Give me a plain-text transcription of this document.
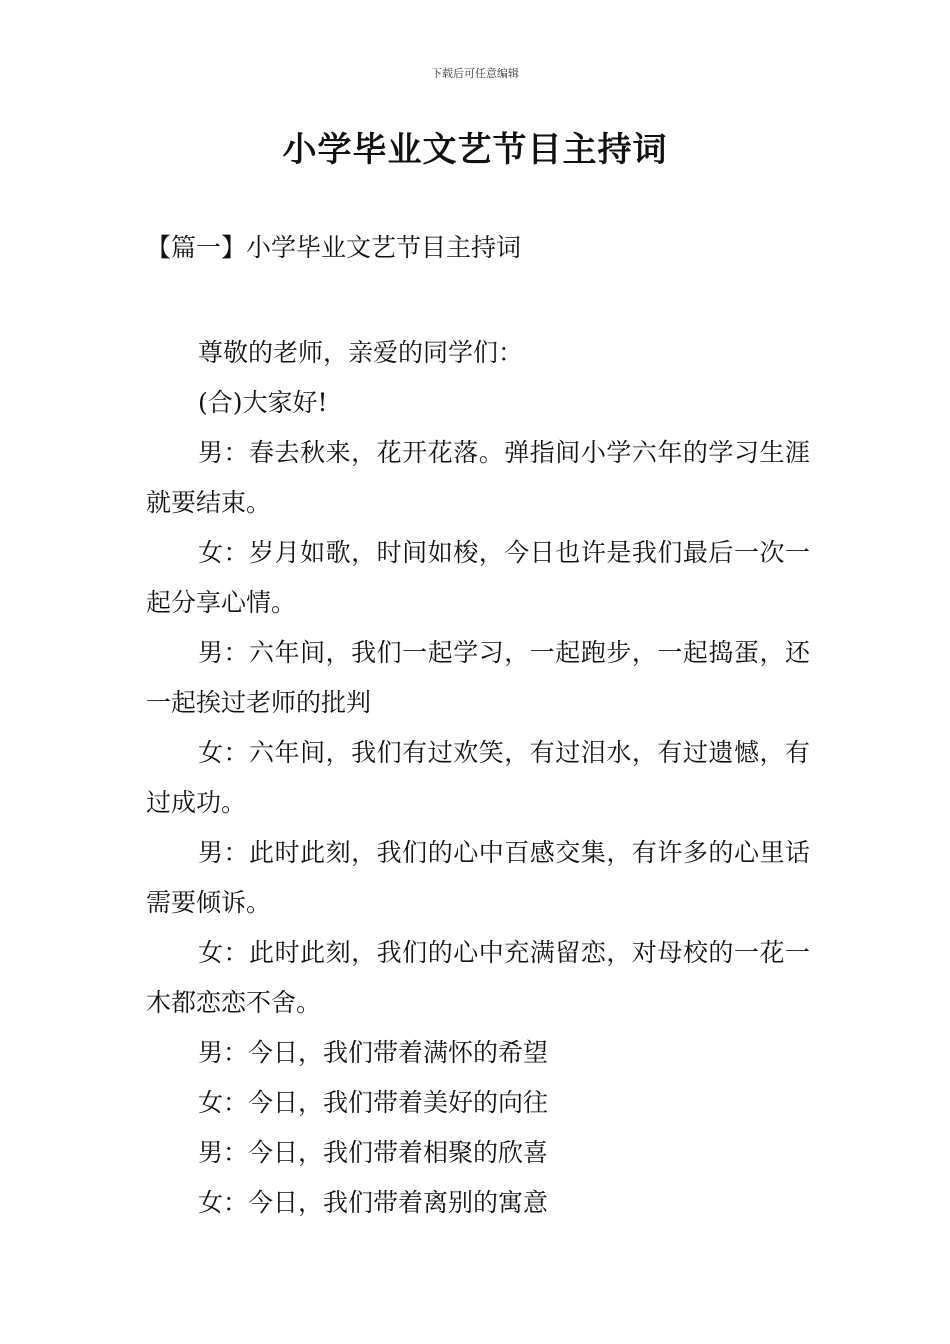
下载后可任意编辑
小学毕业文艺节目主持词
【篇一】小学毕业文艺节目主持词

尊敬的老师，亲爱的同学们：

(合)大家好!

男：春去秋来，花开花落。弹指间小学六年的学习生涯就要结束。

女：岁月如歌，时间如梭，今日也许是我们最后一次一起分享心情。

男：六年间，我们一起学习，一起跑步，一起捣蛋，还一起挨过老师的批判

女：六年间，我们有过欢笑，有过泪水，有过遗憾，有过成功。

男：此时此刻，我们的心中百感交集，有许多的心里话需要倾诉。

女：此时此刻，我们的心中充满留恋，对母校的一花一木都恋恋不舍。

男：今日，我们带着满怀的希望

女：今日，我们带着美好的向往

男：今日，我们带着相聚的欣喜

女：今日，我们带着离别的寓意
